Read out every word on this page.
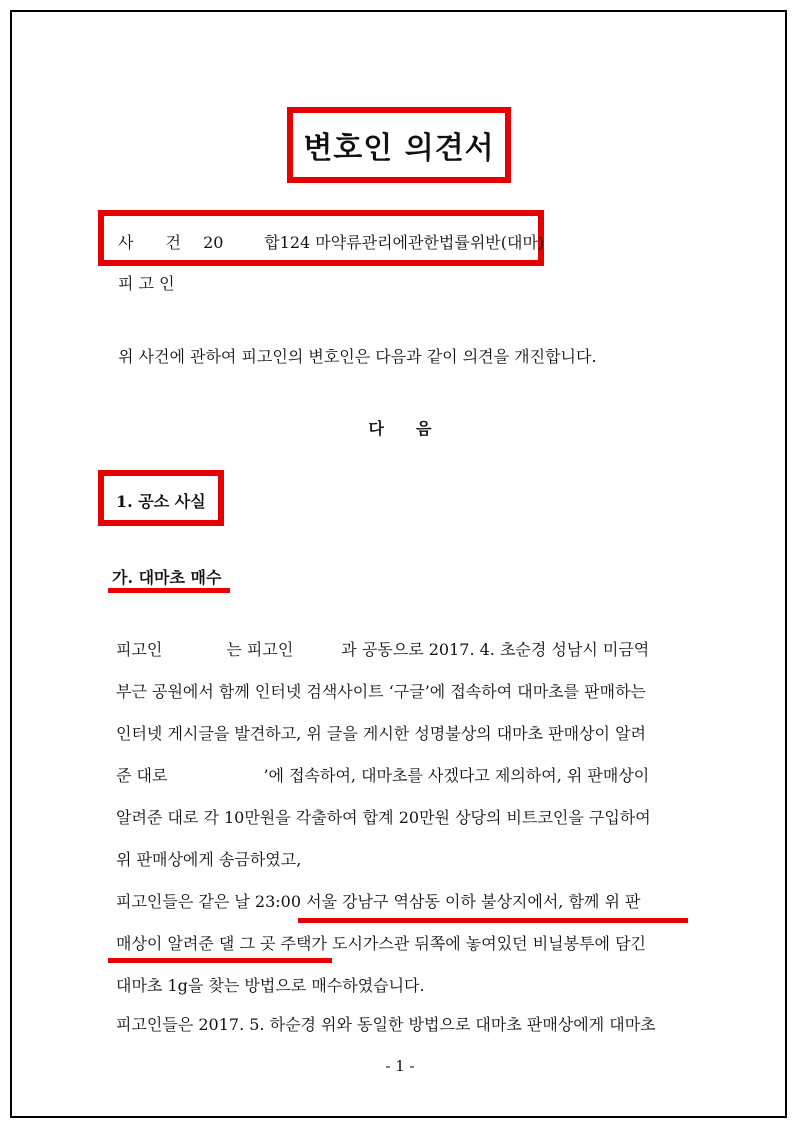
변호인 의견서
사　　건 20	합124 마약류관리에관한법률위반(대마)
피 고 인
위 사건에 관하여 피고인의 변호인은 다음과 같이 의견을 개진합니다.
다　　음
1. 공소 사실
가. 대마초 매수
피고인　　　　는 피고인　　　과 공동으로 2017. 4. 초순경 성남시 미금역
부근 공원에서 함께 인터넷 검색사이트 ‘구글’에 접속하여 대마초를 판매하는
인터넷 게시글을 발견하고, 위 글을 게시한 성명불상의 대마초 판매상이 알려
준 대로　　　　　　’에 접속하여, 대마초를 사겠다고 제의하여, 위 판매상이
알려준 대로 각 10만원을 각출하여 합계 20만원 상당의 비트코인을 구입하여
위 판매상에게 송금하였고,
피고인들은 같은 날 23:00 서울 강남구 역삼동 이하 불상지에서, 함께 위 판
매상이 알려준 댈 그 곳 주택가 도시가스관 뒤쪽에 놓여있던 비닐봉투에 담긴
대마초 1g을 찾는 방법으로 매수하였습니다.
피고인들은 2017. 5. 하순경 위와 동일한 방법으로 대마초 판매상에게 대마초
- 1 -
